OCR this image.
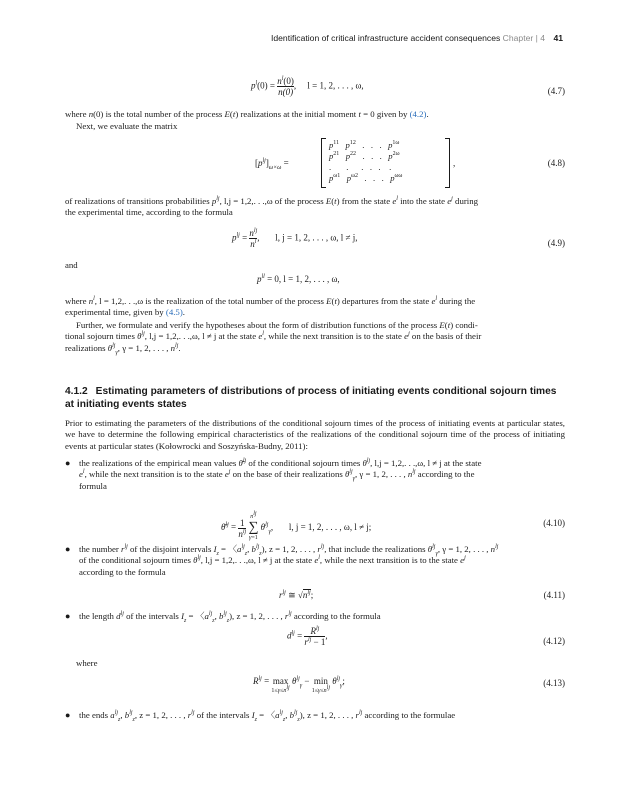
Identification of critical infrastructure accident consequences Chapter | 4 41
$p^l(0) = \frac{n^l(0)}{n(0)}$ ,     l = 1, 2, . . . , ω,
(4.7)
where n(0) is the total number of the process E(t) realizations at the initial moment t = 0 given by (4.2).
Next, we evaluate the matrix
$[p^{lj}]_{\omega\times\omega}$ =
$p^{11}$ $p^{12}$   .   .   .   $p^{1\omega}$
$p^{21}$ $p^{22}$   .   .   .   $p^{2\omega}$
.       .      .   .   .    .
$p^{\omega 1}$ $p^{\omega 2}$   .   .   .   $p^{\omega\omega}$
,	(4.8)
of realizations of transitions probabilities $p^{lj}$, l,j = 1,2,. . .,ω of the process E(t) from the state $e^l$ into the state $e^j$ during
the experimental time, according to the formula
$p^{lj} = \frac{n^{lj}}{n^l}$ ,       l, j = 1, 2, . . . , ω, l ≠ j,
(4.9)
and
$p^{ll} = 0$, l = 1, 2, . . . , ω,
where $n^l$, l = 1,2,. . .,ω is the realization of the total number of the process E(t) departures from the state $e^l$ during the
experimental time, given by (4.5).
Further, we formulate and verify the hypotheses about the form of distribution functions of the process E(t) condi-
tional sojourn times $\theta^{lj}$, l,j = 1,2,. . .,ω, l ≠ j at the state $e^l$, while the next transition is to the state $e^j$ on the basis of their
realizations $\theta^{lj}_\gamma$, γ = 1, 2, . . . , $n^{lj}$.
4.1.2 Estimating parameters of distributions of process of initiating events conditional sojourn times
at initiating events states
Prior to estimating the parameters of the distributions of the conditional sojourn times of the process of initiating events at particular states, we have to determine the following empirical characteristics of the realizations of the conditional sojourn time of the process of initiating events at particular states (Kołowrocki and Soszyńska-Budny, 2011):
● the realizations of the empirical mean values θ̄$^{lj}$ of the conditional sojourn times $\theta^{lj}$, l,j = 1,2,. . .,ω, l ≠ j at the state
$e^l$, while the next transition is to the state $e^j$ on the base of their realizations $\theta^{lj}_\gamma$, γ = 1, 2, . . . , $n^{lj}$ according to the
formula
θ̄$^{lj}$ = $\frac{1}{n^{lj}}$

$n^{lj}$
∑
γ=1
$\theta^{lj}_\gamma$,       l, j = 1, 2, . . . , ω, l ≠ j;	(4.10)
● the number $r^{lj}$ of the disjoint intervals $I_z$ = 〈$a^{lj}_z$, $b^{lj}_z$), z = 1, 2, . . . , $r^{lj}$, that include the realizations $\theta^{lj}_\gamma$, γ = 1, 2, . . . , $n^{lj}$
of the conditional sojourn times $\theta^{lj}$, l,j = 1,2,. . .,ω, l ≠ j at the state $e^l$, while the next transition is to the state $e^j$
according to the formula
$r^{lj}$ ≅ $√n^{lj}$;	(4.11)
● the length $d^{lj}$ of the intervals $I_z$ = 〈$a^{lj}_z$, $b^{lj}_z$), z = 1, 2, . . . , $r^{lj}$ according to the formula
$d^{lj} = \frac{R^{lj}}{r^{lj} - 1}$ ,
(4.12)
where
$R^{lj} = \max$
$1\le\gamma\le n^{lj}$
$\theta^{lj}_\gamma - \min$
$1\le\gamma\le n^{lj}$
$\theta^{lj}_\gamma$;	(4.13)
● the ends $a^{lj}_z$, $b^{lj}_z$, z = 1, 2, . . . , $r^{lj}$ of the intervals $I_z$ = 〈$a^{lj}_z$, $b^{lj}_z$), z = 1, 2, . . . , $r^{lj}$ according to the formulae
